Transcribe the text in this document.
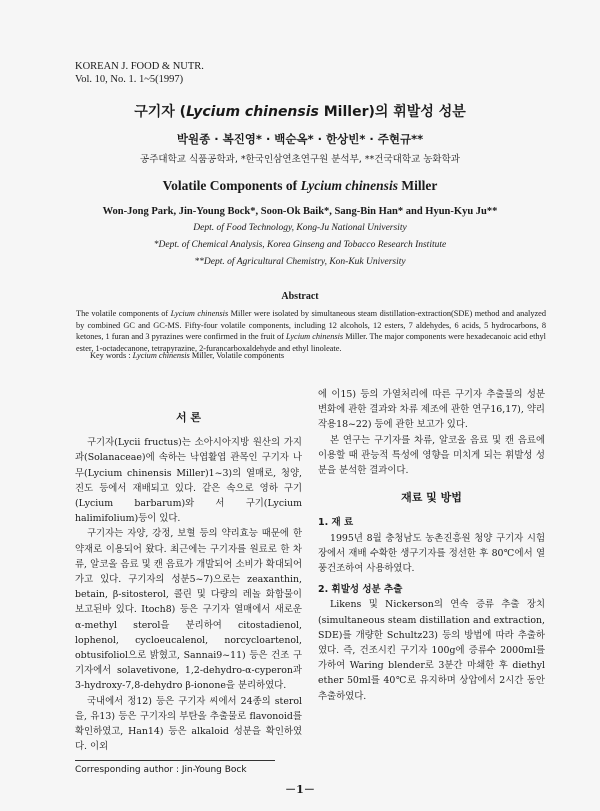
KOREAN J. FOOD & NUTR.
Vol. 10, No. 1. 1~5(1997)
구기자 (Lycium chinensis Miller)의 휘발성 성분
박원종 · 복진영* · 백순옥* · 한상빈* · 주현규**
공주대학교 식품공학과, *한국인삼연초연구원 분석부, **건국대학교 농화학과
Volatile Components of Lycium chinensis Miller
Won-Jong Park, Jin-Young Bock*, Soon-Ok Baik*, Sang-Bin Han* and Hyun-Kyu Ju**
Dept. of Food Technology, Kong-Ju National University
*Dept. of Chemical Analysis, Korea Ginseng and Tobacco Research Institute
**Dept. of Agricultural Chemistry, Kon-Kuk University
Abstract
The volatile components of Lycium chinensis Miller were isolated by simultaneous steam distillation-extraction(SDE) method and analyzed by combined GC and GC-MS. Fifty-four volatile components, including 12 alcohols, 12 esters, 7 aldehydes, 6 acids, 5 hydrocarbons, 8 ketones, 1 furan and 3 pyrazines were confirmed in the fruit of Lycium chinensis Miller. The major components were hexadecanoic acid ethyl ester, 1-octadecanone, tetrapyrazine, 2-furancarboxaldehyde and ethyl linoleate.
Key words : Lycium chinensis Miller, Volatile components
서 론

구기자(Lycii fructus)는 소아시아지방 원산의 가지과(Solanaceae)에 속하는 낙엽활엽 관목인 구기자 나무(Lycium chinensis Miller)1~3)의 열매로, 청양, 진도 등에서 재배되고 있다. 같은 속으로 영하 구기(Lycium barbarum)와 서 구기(Lycium halimifolium)등이 있다.

구기자는 자양, 강정, 보혈 등의 약리효능 때문에 한약재로 이용되어 왔다. 최근에는 구기자를 원료로 한 차류, 알코올 음료 및 캔 음료가 개발되어 소비가 확대되어가고 있다. 구기자의 성분5~7)으로는 zeaxanthin, betain, β-sitosterol, 콜린 및 다량의 레놀 화합물이 보고된바 있다. Itoch8) 등은 구기자 열매에서 새로운 α-methyl sterol을 분리하여 citostadienol, lophenol, cycloeucalenol, norcycloartenol, obtusifoliol으로 밝혔고, Sannai9~11) 등은 건조 구기자에서 solavetivone, 1,2-dehydro-α-cyperon과 3-hydroxy-7,8-dehydro β-ionone을 분리하였다.

국내에서 정12) 등은 구기자 씨에서 24종의 sterol을, 유13) 등은 구기자의 부탄올 추출물로 flavonoid를 확인하였고, Han14) 등은 alkaloid 성분을 확인하였다. 이외

에 이15) 등의 가열처리에 따른 구기자 추출물의 성분 변화에 관한 결과와 차류 제조에 관한 연구16,17), 약리작용18~22) 등에 관한 보고가 있다.

본 연구는 구기자를 차류, 알코올 음료 및 캔 음료에 이용할 때 관능적 특성에 영향을 미치게 되는 휘발성 성분을 분석한 결과이다.

재료 및 방법
1. 재 료

1995년 8월 충청남도 농촌진흥원 청양 구기자 시험장에서 재배 수확한 생구기자를 정선한 후 80℃에서 열풍건조하여 사용하였다.

2. 휘발성 성분 추출

Likens 및 Nickerson의 연속 증류 추출 장치(simultaneous steam distillation and extraction, SDE)를 개량한 Schultz23) 등의 방법에 따라 추출하였다. 즉, 건조시킨 구기자 100g에 증류수 2000ml를 가하여 Waring blender로 3분간 마쇄한 후 diethyl ether 50ml를 40℃로 유지하며 상압에서 2시간 동안 추출하였다.

Corresponding author : Jin-Young Bock
－1－
